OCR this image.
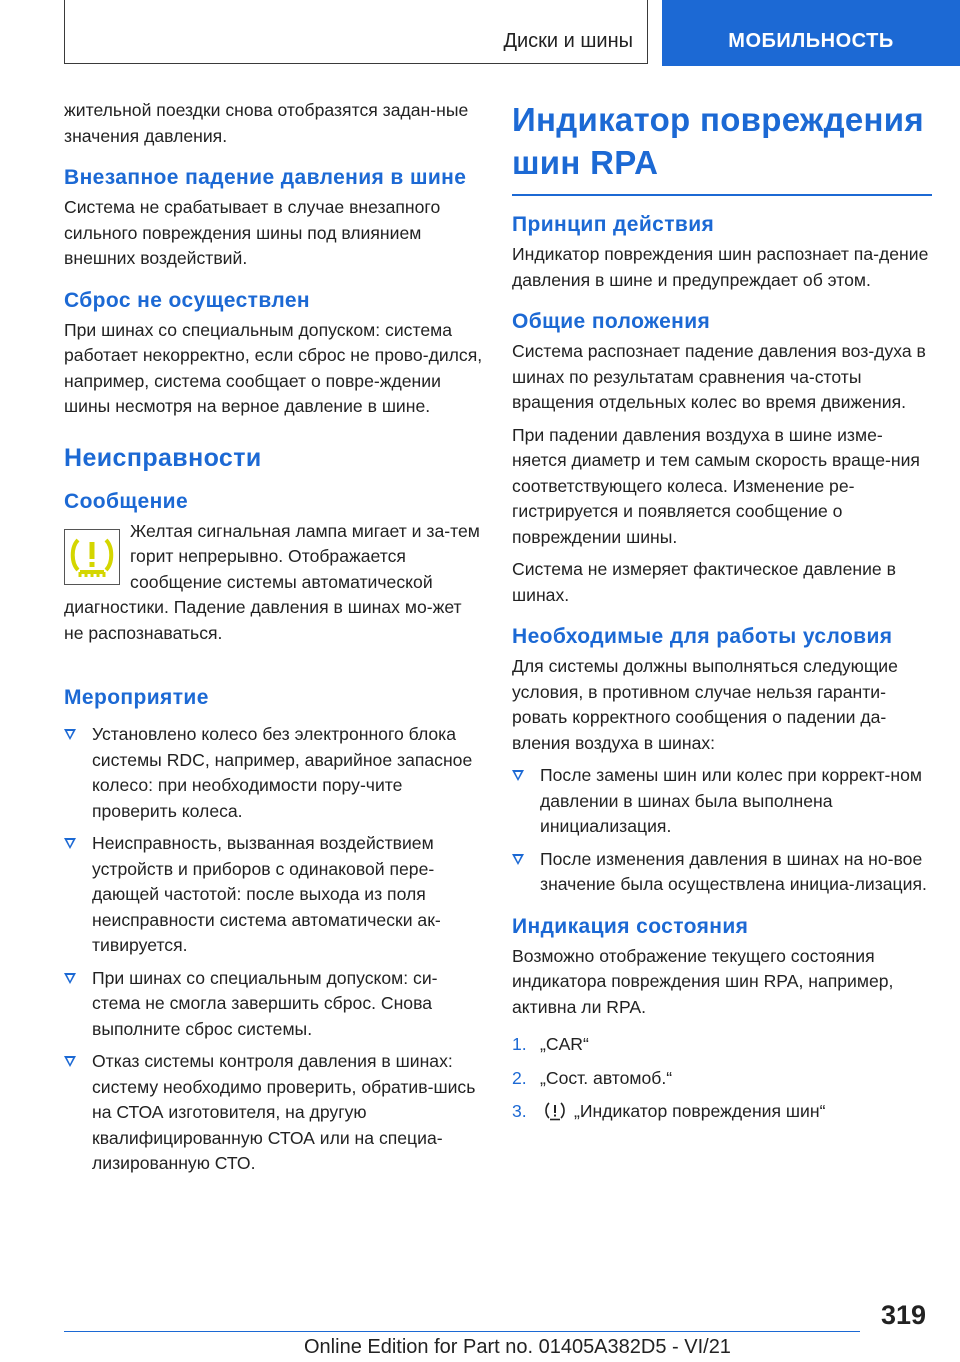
Диски и шины	МОБИЛЬНОСТЬ

жительной поездки снова отобразятся задан-ные значения давления.

Внезапное падение давления в шине

Система не срабатывает в случае внезапного сильного повреждения шины под влиянием внешних воздействий.

Сброс не осуществлен

При шинах со специальным допуском: система работает некорректно, если сброс не прово-дился, например, система сообщает о повре-ждении шины несмотря на верное давление в шине.

Неисправности
Сообщение

Желтая сигнальная лампа мигает и за-тем горит непрерывно. Отображается сообщение системы автоматической

диагностики. Падение давления в шинах мо-жет не распознаваться.

Мероприятие
Установлено колесо без электронного блока системы RDC, например, аварийное запасное колесо: при необходимости пору-чите проверить колеса.
Неисправность, вызванная воздействием устройств и приборов с одинаковой пере-дающей частотой: после выхода из поля неисправности система автоматически ак-тивируется.
При шинах со специальным допуском: си-стема не смогла завершить сброс. Снова выполните сброс системы.
Отказ системы контроля давления в шинах: систему необходимо проверить, обратив-шись на СТОА изготовителя, на другую квалифицированную СТОА или на специа-лизированную СТО.
Индикатор повреждения шин RPA
Принцип действия

Индикатор повреждения шин распознает па-дение давления в шине и предупреждает об этом.

Общие положения

Система распознает падение давления воз-духа в шинах по результатам сравнения ча-стоты вращения отдельных колес во время движения.

При падении давления воздуха в шине изме-няется диаметр и тем самым скорость враще-ния соответствующего колеса. Изменение ре-гистрируется и появляется сообщение о повреждении шины.

Система не измеряет фактическое давление в шинах.

Необходимые для работы условия

Для системы должны выполняться следующие условия, в противном случае нельзя гаранти-ровать корректного сообщения о падении да-вления воздуха в шинах:

После замены шин или колес при коррект-ном давлении в шинах была выполнена инициализация.
После изменения давления в шинах на но-вое значение была осуществлена инициа-лизация.
Индикация состояния

Возможно отображение текущего состояния индикатора повреждения шин RPA, например, активна ли RPA.

1. „CAR“
2. „Сост. автомоб.“
3.	„Индикатор повреждения шин“
319
Online Edition for Part no. 01405A382D5 - VI/21
